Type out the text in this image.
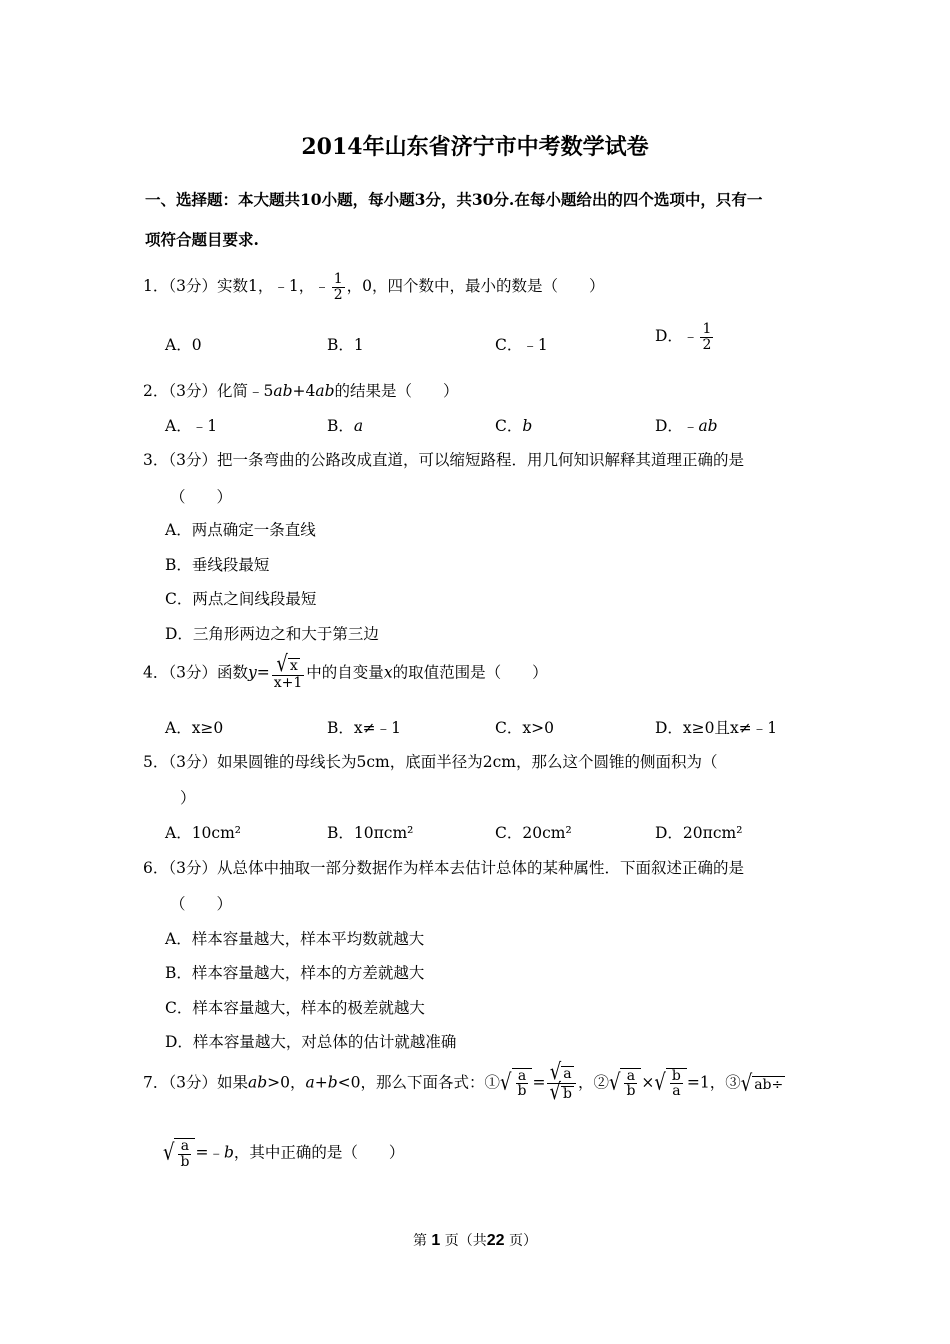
2014年山东省济宁市中考数学试卷
一、选择题：本大题共10小题，每小题3分，共30分.在每小题给出的四个选项中，只有一
项符合题目要求.
1．（3分）实数1，﹣1，﹣ $\frac{1}{2}$ ，0，四个数中，最小的数是（　　）
A．0	B．1	C．﹣1	D．﹣ $\frac{1}{2}$
2．（3分）化简﹣5ab+4ab的结果是（　　）
A．﹣1	B．a	C．b	D．﹣ab
3．（3分）把一条弯曲的公路改成直道，可以缩短路程．用几何知识解释其道理正确的是
（　　）
A．两点确定一条直线
B．垂线段最短
C．两点之间线段最短
D．三角形两边之和大于第三边
4．（3分）函数$y= \frac{√ x}{x+1}$ 中的自变量x的取值范围是（　　）
A．x≥0	B．x≠﹣1	C．x>0	D．x≥0且x≠﹣1
5．（3分）如果圆锥的母线长为5cm，底面半径为2cm，那么这个圆锥的侧面积为（
）
A．10cm²	B．10πcm²	C．20cm²	D．20πcm²
6．（3分）从总体中抽取一部分数据作为样本去估计总体的某种属性．下面叙述正确的是
（　　）
A．样本容量越大，样本平均数就越大
B．样本容量越大，样本的方差就越大
C．样本容量越大，样本的极差就越大
D．样本容量越大，对总体的估计就越准确
7．（3分）如果ab>0，a+b<0，那么下面各式：①√ $\frac{a}{b} = \frac{√ a}{√ b}$ ，②√ $\frac{a}{b}$ ×√ $\frac{b}{a} =1$，③√ ab÷
√ $\frac{a}{b}$ =﹣b，其中正确的是（　　）
第 1 页（共22 页）
